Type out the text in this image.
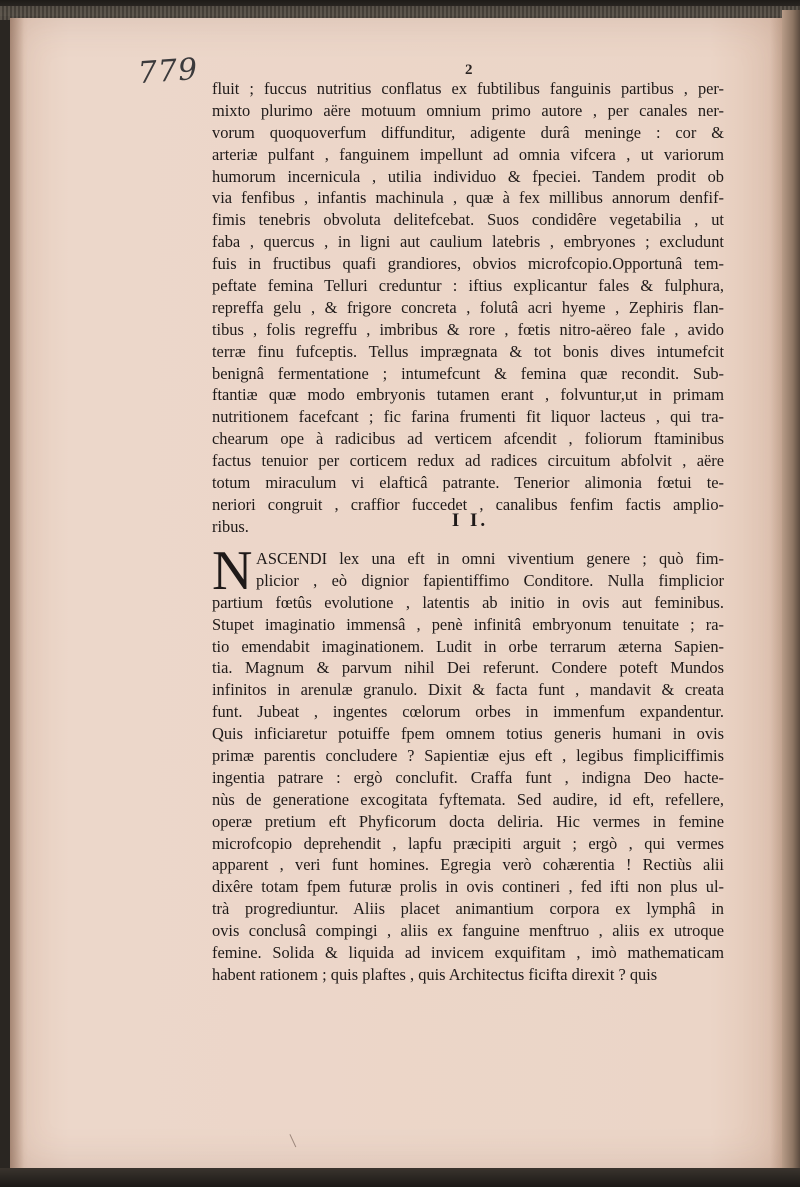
779	2
fluit ; fuccus nutritius conflatus ex fubtilibus fanguinis partibus , per-
mixto plurimo aëre motuum omnium primo autore , per canales ner-
vorum quoquoverfum diffunditur, adigente durâ meninge : cor &
arteriæ pulfant , fanguinem impellunt ad omnia vifcera , ut variorum
humorum incernicula , utilia individuo & fpeciei. Tandem prodit ob
via fenfibus , infantis machinula , quæ à fex millibus annorum denfif-
fimis tenebris obvoluta delitefcebat. Suos condidêre vegetabilia , ut
faba , quercus , in ligni aut caulium latebris , embryones ; excludunt
fuis in fructibus quafi grandiores, obvios microfcopio.Opportunâ tem-
peftate femina Telluri creduntur : iftius explicantur fales & fulphura,
repreffa gelu , & frigore concreta , folutâ acri hyeme , Zephiris flan-
tibus , folis regreffu , imbribus & rore , fœtis nitro-aëreo fale , avido
terræ finu fufceptis. Tellus imprægnata & tot bonis dives intumefcit
benignâ fermentatione ; intumefcunt & femina quæ recondit. Sub-
ftantiæ quæ modo embryonis tutamen erant , folvuntur,ut in primam
nutritionem facefcant ; fic farina frumenti fit liquor lacteus , qui tra-
chearum ope à radicibus ad verticem afcendit , foliorum ftaminibus
factus tenuior per corticem redux ad radices circuitum abfolvit , aëre
totum miraculum vi elafticâ patrante. Tenerior alimonia fœtui te-
neriori congruit , craffior fuccedet , canalibus fenfim factis amplio-
ribus.	I I.
N ASCENDI lex una eft in omni viventium genere ; quò fim-
plicior , eò dignior fapientiffimo Conditore. Nulla fimplicior
partium fœtûs evolutione , latentis ab initio in ovis aut feminibus.
Stupet imaginatio immensâ , penè infinitâ embryonum tenuitate ; ra-
tio emendabit imaginationem. Ludit in orbe terrarum æterna Sapien-
tia. Magnum & parvum nihil Dei referunt. Condere poteft Mundos
infinitos in arenulæ granulo. Dixit & facta funt , mandavit & creata
funt. Jubeat , ingentes cœlorum orbes in immenfum expandentur.
Quis inficiaretur potuiffe fpem omnem totius generis humani in ovis
primæ parentis concludere ? Sapientiæ ejus eft , legibus fimpliciffimis
ingentia patrare : ergò conclufit. Craffa funt , indigna Deo hacte-
nùs de generatione excogitata fyftemata. Sed audire, id eft, refellere,
operæ pretium eft Phyficorum docta deliria. Hic vermes in femine
microfcopio deprehendit , lapfu præcipiti arguit ; ergò , qui vermes
apparent , veri funt homines. Egregia verò cohærentia ! Rectiùs alii
dixêre totam fpem futuræ prolis in ovis contineri , fed ifti non plus ul-
trà progrediuntur. Aliis placet animantium corpora ex lymphâ in
ovis conclusâ compingi , aliis ex fanguine menftruo , aliis ex utroque
femine. Solida & liquida ad invicem exquifitam , imò mathematicam
habent rationem ; quis plaftes , quis Architectus ficifta direxit ? quis
